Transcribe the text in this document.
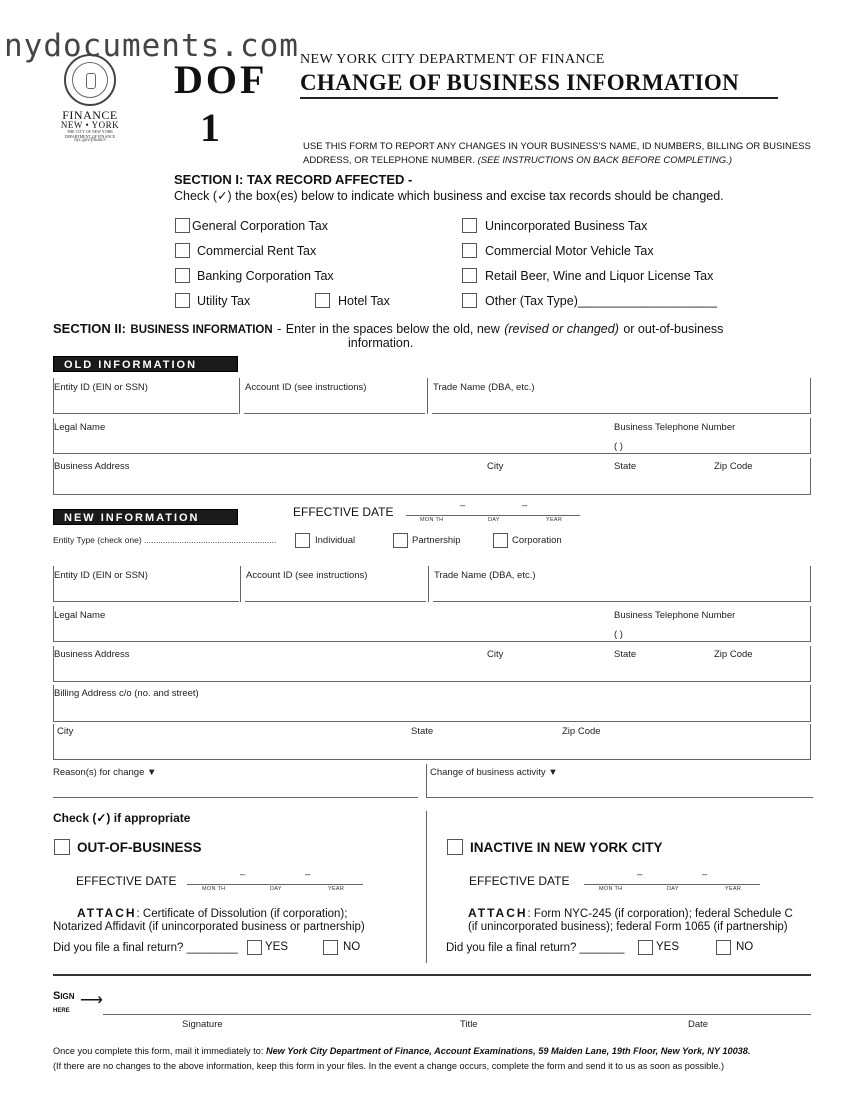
nydocuments.com
FINANCE
NEW • YORK
THE CITY OF NEW YORK
DEPARTMENT OF FINANCE
nyc.gov/finance
DOF
1
NEW YORK CITY DEPARTMENT OF FINANCE
CHANGE OF BUSINESS INFORMATION
USE THIS FORM TO REPORT ANY CHANGES IN YOUR BUSINESS'S NAME, ID NUMBERS, BILLING OR BUSINESS ADDRESS, OR TELEPHONE NUMBER. (SEE INSTRUCTIONS ON BACK BEFORE COMPLETING.)
SECTION I: TAX RECORD AFFECTED -
Check (✓) the box(es) below to indicate which business and excise tax records should be changed.
General Corporation Tax
Commercial Rent Tax
Banking Corporation Tax
Utility Tax	Hotel Tax
Unincorporated Business Tax
Commercial Motor Vehicle Tax
Retail Beer, Wine and Liquor License Tax
Other (Tax Type)____________________
SECTION II: BUSINESS INFORMATION - Enter in the spaces below the old, new (revised or changed) or out-of-business
information.
OLD INFORMATION
Entity ID (EIN or SSN)	Account ID (see instructions)	Trade Name (DBA, etc.)
Legal Name	Business Telephone Number
( )
Business Address	City	State	Zip Code
NEW INFORMATION	EFFECTIVE DATE	–	–
MON TH	DAY	YEAR
Entity Type (check one) ........................................................	Individual	Partnership	Corporation
Entity ID (EIN or SSN)	Account ID (see instructions)	Trade Name (DBA, etc.)
Legal Name	Business Telephone Number
( )
Business Address	City	State	Zip Code
Billing Address c/o (no. and street)
City	State	Zip Code
Reason(s) for change ▼	Change of business activity ▼
Check (✓) if appropriate
OUT-OF-BUSINESS
EFFECTIVE DATE	–	–
MON TH	DAY	YEAR
ATTACH: Certificate of Dissolution (if corporation);
Notarized Affidavit (if unincorporated business or partnership)
Did you file a final return? ________ YES	NO
INACTIVE IN NEW YORK CITY
EFFECTIVE DATE	–	–
MON TH	DAY	YEAR
ATTACH: Form NYC-245 (if corporation); federal Schedule C
(if unincorporated business); federal Form 1065 (if partnership)
Did you file a final return? _______	YES	NO
Sign
here ⟶
Signature	Title	Date
Once you complete this form, mail it immediately to: New York City Department of Finance, Account Examinations, 59 Maiden Lane, 19th Floor, New York, NY 10038.
(If there are no changes to the above information, keep this form in your files. In the event a change occurs, complete the form and send it to us as soon as possible.)
